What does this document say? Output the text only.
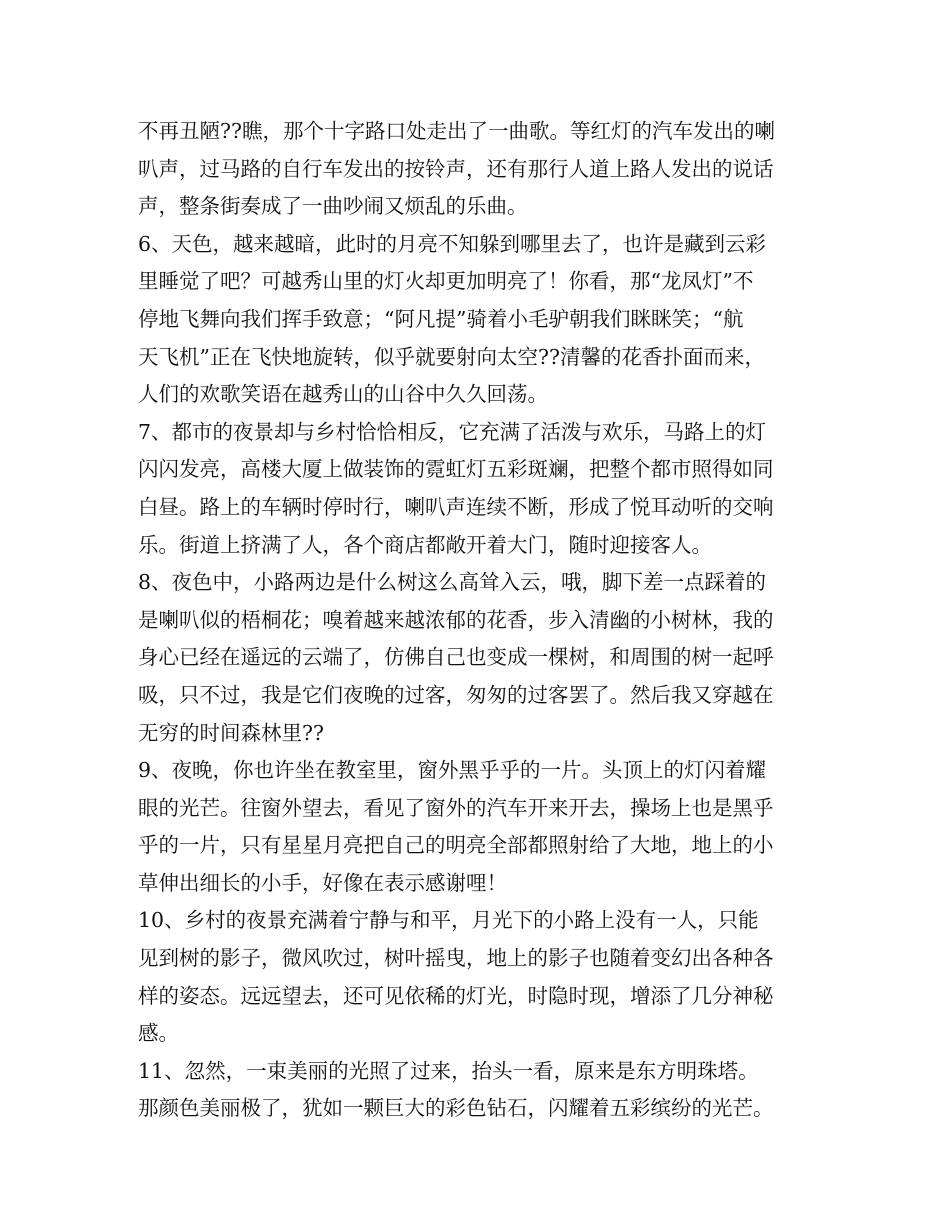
不再丑陋??瞧，那个十字路口处走出了一曲歌。等红灯的汽车发出的喇
叭声，过马路的自行车发出的按铃声，还有那行人道上路人发出的说话
声，整条街奏成了一曲吵闹又烦乱的乐曲。
6、天色，越来越暗，此时的月亮不知躲到哪里去了，也许是藏到云彩
里睡觉了吧？可越秀山里的灯火却更加明亮了！你看，那“龙凤灯”不
停地飞舞向我们挥手致意；“阿凡提”骑着小毛驴朝我们眯眯笑；“航
天飞机”正在飞快地旋转，似乎就要射向太空??清馨的花香扑面而来，
人们的欢歌笑语在越秀山的山谷中久久回荡。
7、都市的夜景却与乡村恰恰相反，它充满了活泼与欢乐，马路上的灯
闪闪发亮，高楼大厦上做装饰的霓虹灯五彩斑斓，把整个都市照得如同
白昼。路上的车辆时停时行，喇叭声连续不断，形成了悦耳动听的交响
乐。街道上挤满了人，各个商店都敞开着大门，随时迎接客人。
8、夜色中，小路两边是什么树这么高耸入云，哦，脚下差一点踩着的
是喇叭似的梧桐花；嗅着越来越浓郁的花香，步入清幽的小树林，我的
身心已经在遥远的云端了，仿佛自己也变成一棵树，和周围的树一起呼
吸，只不过，我是它们夜晚的过客，匆匆的过客罢了。然后我又穿越在
无穷的时间森林里??
9、夜晚，你也许坐在教室里，窗外黑乎乎的一片。头顶上的灯闪着耀
眼的光芒。往窗外望去，看见了窗外的汽车开来开去，操场上也是黑乎
乎的一片，只有星星月亮把自己的明亮全部都照射给了大地，地上的小
草伸出细长的小手，好像在表示感谢哩！
10、乡村的夜景充满着宁静与和平，月光下的小路上没有一人，只能
见到树的影子，微风吹过，树叶摇曳，地上的影子也随着变幻出各种各
样的姿态。远远望去，还可见依稀的灯光，时隐时现，增添了几分神秘
感。
11、忽然，一束美丽的光照了过来，抬头一看，原来是东方明珠塔。
那颜色美丽极了，犹如一颗巨大的彩色钻石，闪耀着五彩缤纷的光芒。
